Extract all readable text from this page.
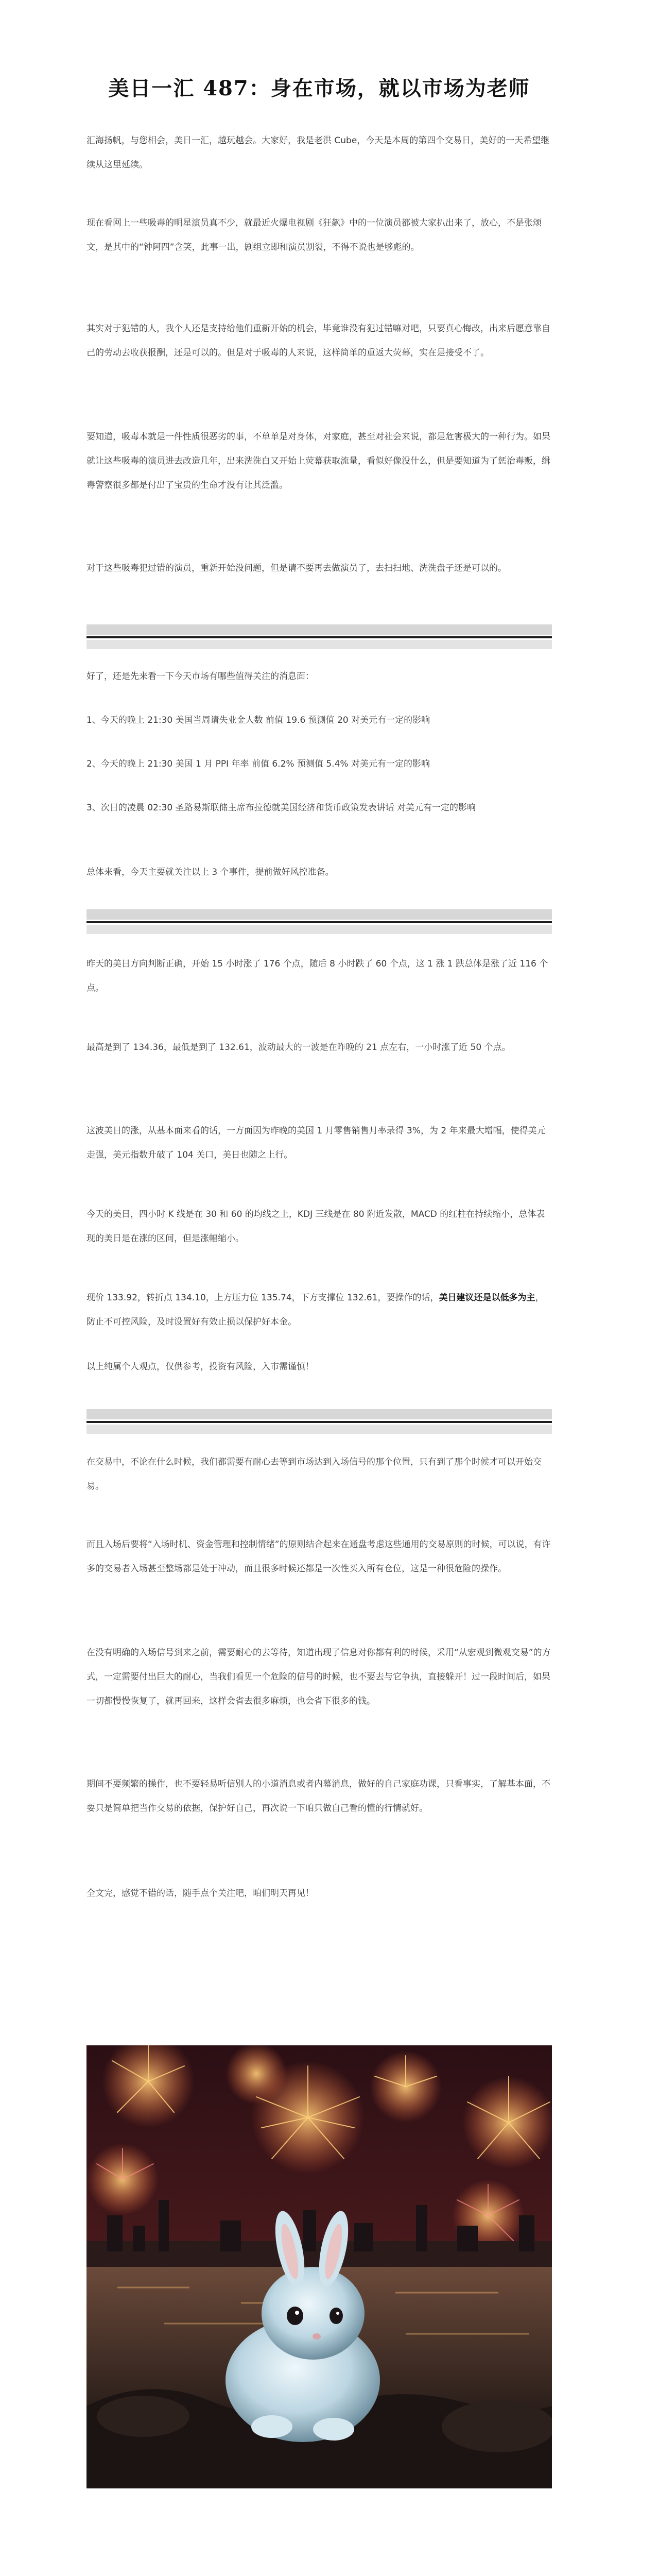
美日一汇 487：身在市场，就以市场为老师

汇海扬帆，与您相会，美日一汇，越玩越会。大家好，我是老洪 Cube，今天是本周的第四个交易日，美好的一天希望继续从这里延续。

现在看网上一些吸毒的明星演员真不少，就最近火爆电视剧《狂飙》中的一位演员都被大家扒出来了，放心，不是张颂文，是其中的“钟阿四”含笑，此事一出，剧组立即和演员割裂，不得不说也是够彪的。

其实对于犯错的人，我个人还是支持给他们重新开始的机会，毕竟谁没有犯过错嘛对吧，只要真心悔改，出来后愿意靠自己的劳动去收获报酬，还是可以的。但是对于吸毒的人来说，这样简单的重返大荧幕，实在是接受不了。

要知道，吸毒本就是一件性质很恶劣的事，不单单是对身体，对家庭，甚至对社会来说，都是危害极大的一种行为。如果就让这些吸毒的演员进去改造几年，出来洗洗白又开始上荧幕获取流量，看似好像没什么，但是要知道为了惩治毒贩，缉毒警察很多都是付出了宝贵的生命才没有让其泛滥。

对于这些吸毒犯过错的演员，重新开始没问题，但是请不要再去做演员了，去扫扫地、洗洗盘子还是可以的。

好了，还是先来看一下今天市场有哪些值得关注的消息面：

1、今天的晚上 21:30 美国当周请失业金人数 前值 19.6 预测值 20 对美元有一定的影响

2、今天的晚上 21:30 美国 1 月 PPI 年率 前值 6.2% 预测值 5.4% 对美元有一定的影响

3、次日的凌晨 02:30 圣路易斯联储主席布拉德就美国经济和货币政策发表讲话 对美元有一定的影响

总体来看，今天主要就关注以上 3 个事件，提前做好风控准备。

昨天的美日方向判断正确，开始 15 小时涨了 176 个点，随后 8 小时跌了 60 个点，这 1 涨 1 跌总体是涨了近 116 个点。

最高是到了 134.36，最低是到了 132.61，波动最大的一波是在昨晚的 21 点左右，一小时涨了近 50 个点。

这波美日的涨，从基本面来看的话，一方面因为昨晚的美国 1 月零售销售月率录得 3%，为 2 年来最大增幅，使得美元走强，美元指数升破了 104 关口，美日也随之上行。

今天的美日，四小时 K 线是在 30 和 60 的均线之上，KDJ 三线是在 80 附近发散，MACD 的红柱在持续缩小，总体表现的美日是在涨的区间，但是涨幅缩小。

现价 133.92，转折点 134.10，上方压力位 135.74，下方支撑位 132.61，要操作的话，美日建议还是以低多为主，防止不可控风险，及时设置好有效止损以保护好本金。

以上纯属个人观点，仅供参考，投资有风险，入市需谨慎！

在交易中，不论在什么时候，我们都需要有耐心去等到市场达到入场信号的那个位置，只有到了那个时候才可以开始交易。

而且入场后要将“入场时机、资金管理和控制情绪”的原则结合起来在通盘考虑这些通用的交易原则的时候，可以说，有许多的交易者入场甚至整场都是处于冲动，而且很多时候还都是一次性买入所有仓位，这是一种很危险的操作。

在没有明确的入场信号到来之前，需要耐心的去等待，知道出现了信息对你都有利的时候，采用“从宏观到微观交易”的方式，一定需要付出巨大的耐心，当我们看见一个危险的信号的时候，也不要去与它争执，直接躲开！过一段时间后，如果一切都慢慢恢复了，就再回来，这样会省去很多麻烦，也会省下很多的钱。

期间不要频繁的操作，也不要轻易听信别人的小道消息或者内幕消息，做好的自己家庭功课，只看事实，了解基本面，不要只是简单把当作交易的依据，保护好自己，再次说一下咱只做自己看的懂的行情就好。

全文完，感觉不错的话，随手点个关注吧，咱们明天再见！
